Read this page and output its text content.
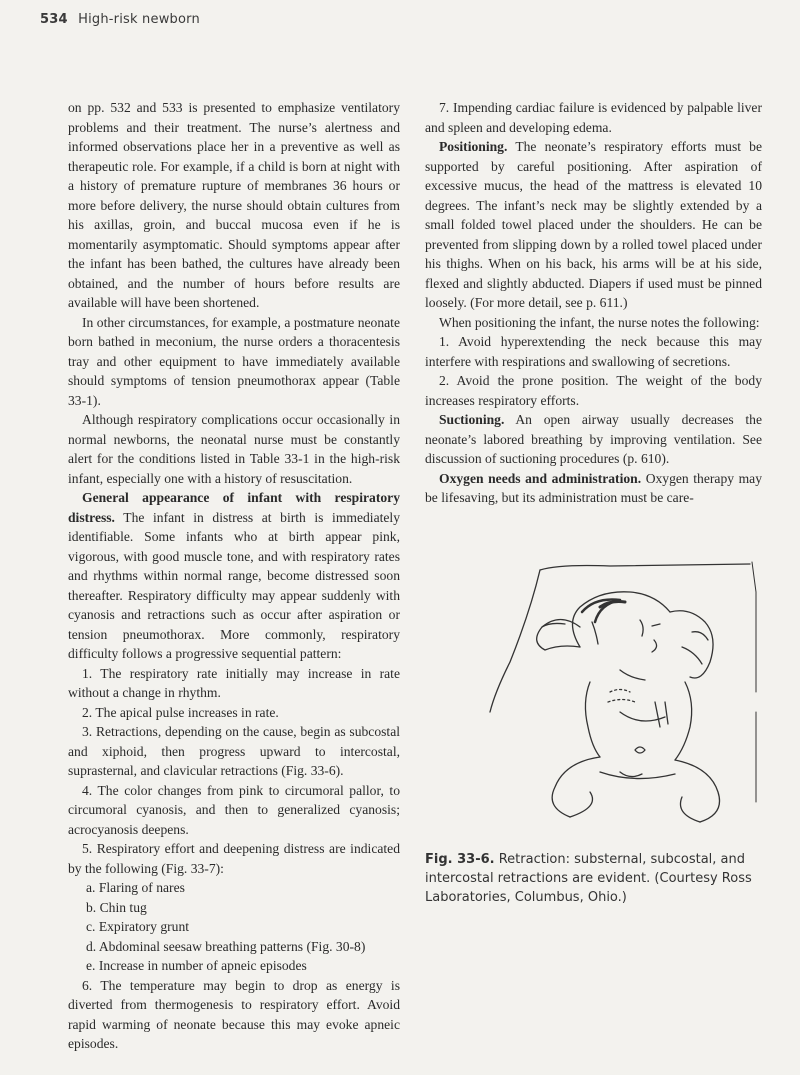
534 High-risk newborn

on pp. 532 and 533 is presented to emphasize ventilatory problems and their treatment. The nurse’s alertness and informed observations place her in a preventive as well as therapeutic role. For example, if a child is born at night with a history of premature rupture of membranes 36 hours or more before delivery, the nurse should obtain cultures from his axillas, groin, and buccal mucosa even if he is momentarily asymptomatic. Should symptoms appear after the infant has been bathed, the cultures have already been obtained, and the number of hours before results are available will have been shortened.

In other circumstances, for example, a postmature neonate born bathed in meconium, the nurse orders a thoracentesis tray and other equipment to have immediately available should symptoms of tension pneumothorax appear (Table 33-1).

Although respiratory complications occur occasionally in normal newborns, the neonatal nurse must be constantly alert for the conditions listed in Table 33-1 in the high-risk infant, especially one with a history of resuscitation.

General appearance of infant with respiratory distress. The infant in distress at birth is immediately identifiable. Some infants who at birth appear pink, vigorous, with good muscle tone, and with respiratory rates and rhythms within normal range, become distressed soon thereafter. Respiratory difficulty may appear suddenly with cyanosis and retractions such as occur after aspiration or tension pneumothorax. More commonly, respiratory difficulty follows a progressive sequential pattern:

1. The respiratory rate initially may increase in rate without a change in rhythm.
2. The apical pulse increases in rate.
3. Retractions, depending on the cause, begin as subcostal and xiphoid, then progress upward to intercostal, suprasternal, and clavicular retractions (Fig. 33-6).
4. The color changes from pink to circumoral pallor, to circumoral cyanosis, and then to generalized cyanosis; acrocyanosis deepens.
5. Respiratory effort and deepening distress are indicated by the following (Fig. 33-7):
a. Flaring of nares
b. Chin tug
c. Expiratory grunt
d. Abdominal seesaw breathing patterns (Fig. 30-8)
e. Increase in number of apneic episodes
6. The temperature may begin to drop as energy is diverted from thermogenesis to respiratory effort. Avoid rapid warming of neonate because this may evoke apneic episodes.
7. Impending cardiac failure is evidenced by palpable liver and spleen and developing edema.

Positioning. The neonate’s respiratory efforts must be supported by careful positioning. After aspiration of excessive mucus, the head of the mattress is elevated 10 degrees. The infant’s neck may be slightly extended by a small folded towel placed under the shoulders. He can be prevented from slipping down by a rolled towel placed under his thighs. When on his back, his arms will be at his side, flexed and slightly abducted. Diapers if used must be pinned loosely. (For more detail, see p. 611.)

When positioning the infant, the nurse notes the following:

1. Avoid hyperextending the neck because this may interfere with respirations and swallowing of secretions.
2. Avoid the prone position. The weight of the body increases respiratory efforts.

Suctioning. An open airway usually decreases the neonate’s labored breathing by improving ventilation. See discussion of suctioning procedures (p. 610).

Oxygen needs and administration. Oxygen therapy may be lifesaving, but its administration must be care-

Fig. 33-6. Retraction: substernal, subcostal, and intercostal retractions are evident. (Courtesy Ross Laboratories, Columbus, Ohio.)
